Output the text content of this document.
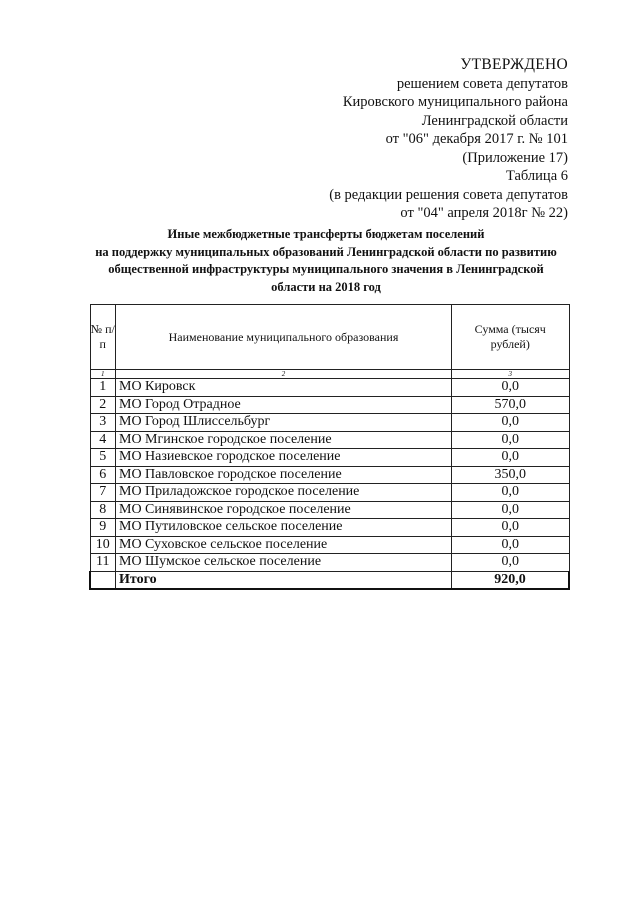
УТВЕРЖДЕНО
решением совета депутатов
Кировского муниципального района
Ленинградской области
от "06" декабря 2017 г. № 101
(Приложение 17)
Таблица 6
(в редакции решения совета депутатов
от "04" апреля 2018г № 22)
Иные межбюджетные трансферты бюджетам поселений
на поддержку муниципальных образований Ленинградской области по развитию
общественной инфраструктуры муниципального значения в Ленинградской
области на 2018 год
№ п/п	Наименование муниципального образования	Сумма (тысяч рублей)
1	2	3
1	МО Кировск	0,0
2	МО Город Отрадное	570,0
3	МО Город Шлиссельбург	0,0
4	МО Мгинское городское поселение	0,0
5	МО Назиевское городское поселение	0,0
6	МО Павловское городское поселение	350,0
7	МО Приладожское городское поселение	0,0
8	МО Синявинское городское поселение	0,0
9	МО Путиловское сельское поселение	0,0
10	МО Суховское сельское поселение	0,0
11	МО Шумское сельское поселение	0,0
	Итого	920,0
